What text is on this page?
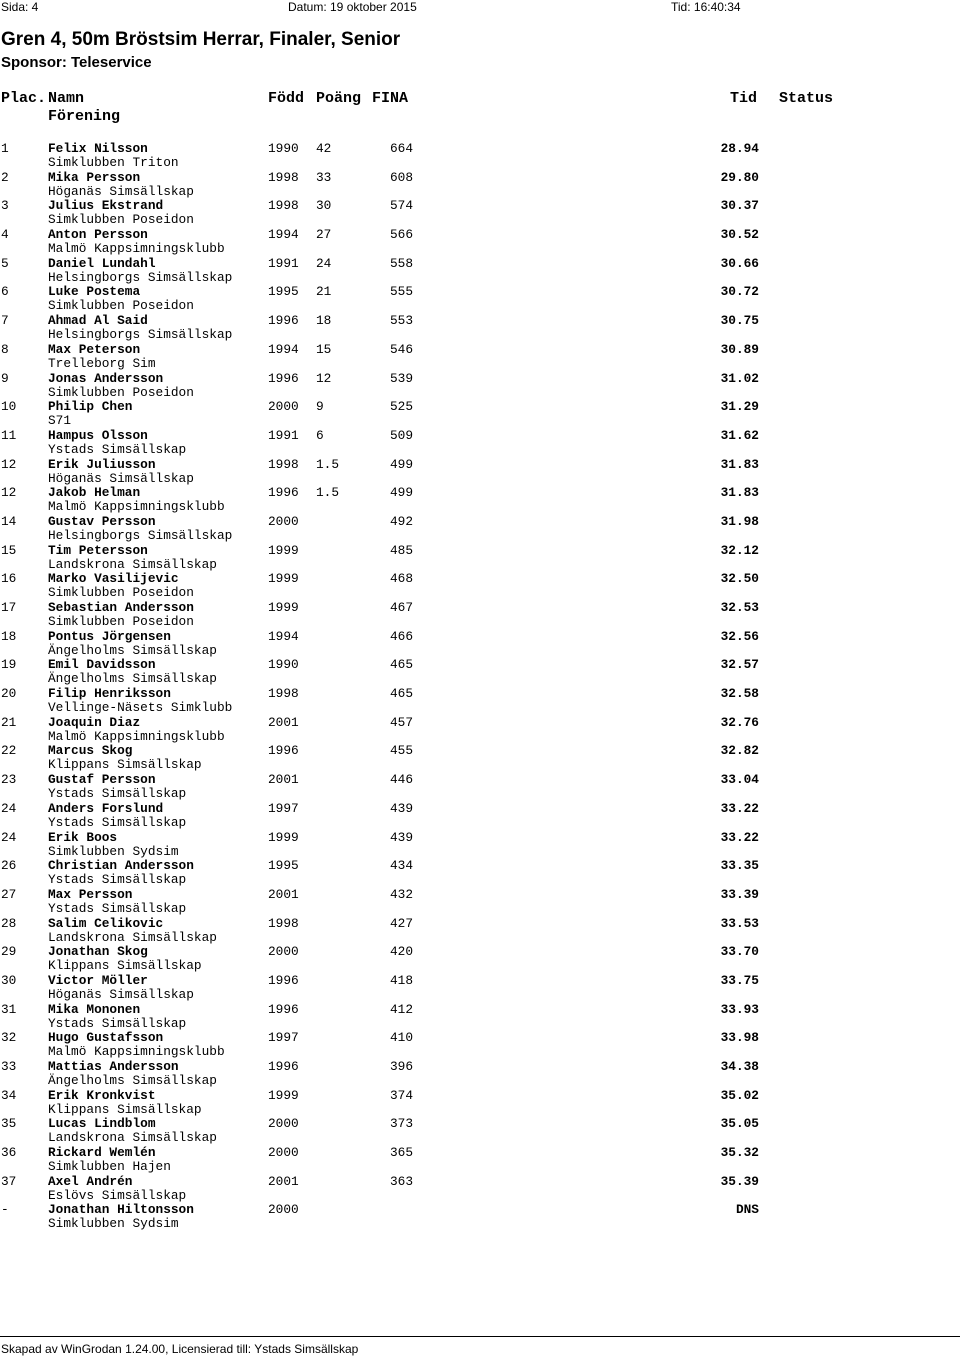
Sida: 4	Datum: 19 oktober 2015	Tid: 16:40:34
Gren 4, 50m Bröstsim Herrar, Finaler, Senior
Sponsor: Teleservice
Plac. Namn	Född Poäng FINA	Tid Status
Förening
1	Felix Nilsson	1990 42	664	28.94
Simklubben Triton
2	Mika Persson	1998 33	608	29.80
Höganäs Simsällskap
3	Julius Ekstrand	1998 30	574	30.37
Simklubben Poseidon
4	Anton Persson	1994 27	566	30.52
Malmö Kappsimningsklubb
5	Daniel Lundahl	1991 24	558	30.66
Helsingborgs Simsällskap
6	Luke Postema	1995 21	555	30.72
Simklubben Poseidon
7	Ahmad Al Said	1996 18	553	30.75
Helsingborgs Simsällskap
8	Max Peterson	1994 15	546	30.89
Trelleborg Sim
9	Jonas Andersson	1996 12	539	31.02
Simklubben Poseidon
10 Philip Chen	2000 9	525	31.29
S71
11 Hampus Olsson	1991 6	509	31.62
Ystads Simsällskap
12 Erik Juliusson	1998 1.5	499	31.83
Höganäs Simsällskap
12 Jakob Helman	1996 1.5	499	31.83
Malmö Kappsimningsklubb
14 Gustav Persson	2000	492	31.98
Helsingborgs Simsällskap
15 Tim Petersson	1999	485	32.12
Landskrona Simsällskap
16 Marko Vasilijevic	1999	468	32.50
Simklubben Poseidon
17 Sebastian Andersson	1999	467	32.53
Simklubben Poseidon
18 Pontus Jörgensen	1994	466	32.56
Ängelholms Simsällskap
19 Emil Davidsson	1990	465	32.57
Ängelholms Simsällskap
20 Filip Henriksson	1998	465	32.58
Vellinge-Näsets Simklubb
21 Joaquin Diaz	2001	457	32.76
Malmö Kappsimningsklubb
22 Marcus Skog	1996	455	32.82
Klippans Simsällskap
23 Gustaf Persson	2001	446	33.04
Ystads Simsällskap
24 Anders Forslund	1997	439	33.22
Ystads Simsällskap
24 Erik Boos	1999	439	33.22
Simklubben Sydsim
26 Christian Andersson	1995	434	33.35
Ystads Simsällskap
27 Max Persson	2001	432	33.39
Ystads Simsällskap
28 Salim Celikovic	1998	427	33.53
Landskrona Simsällskap
29 Jonathan Skog	2000	420	33.70
Klippans Simsällskap
30 Victor Möller	1996	418	33.75
Höganäs Simsällskap
31 Mika Mononen	1996	412	33.93
Ystads Simsällskap
32 Hugo Gustafsson	1997	410	33.98
Malmö Kappsimningsklubb
33 Mattias Andersson	1996	396	34.38
Ängelholms Simsällskap
34 Erik Kronkvist	1999	374	35.02
Klippans Simsällskap
35 Lucas Lindblom	2000	373	35.05
Landskrona Simsällskap
36 Rickard Wemlén	2000	365	35.32
Simklubben Hajen
37 Axel Andrén	2001	363	35.39
Eslövs Simsällskap
-	Jonathan Hiltonsson	2000	DNS
Simklubben Sydsim
Skapad av WinGrodan 1.24.00, Licensierad till: Ystads Simsällskap
